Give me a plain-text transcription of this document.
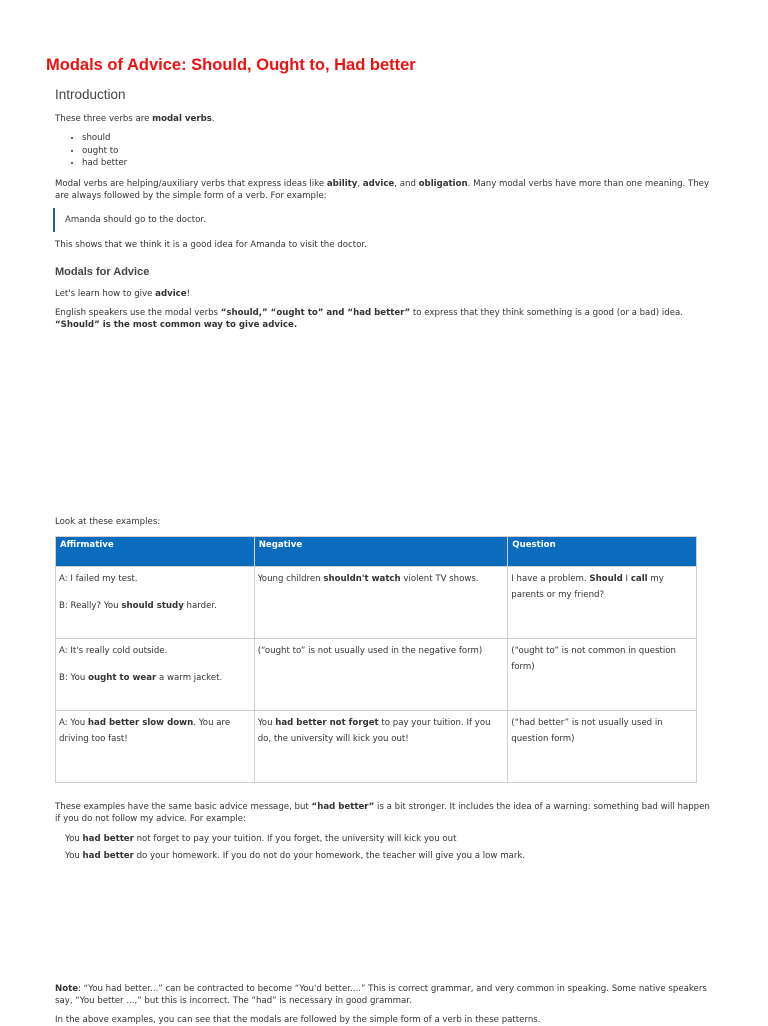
Modals of Advice: Should, Ought to, Had better
Introduction

These three verbs are modal verbs.

• should
• ought to
• had better

Modal verbs are helping/auxiliary verbs that express ideas like ability, advice, and obligation. Many modal verbs have more than one meaning. They are always followed by the simple form of a verb. For example:

Amanda should go to the doctor.

This shows that we think it is a good idea for Amanda to visit the doctor.

Modals for Advice

Let's learn how to give advice!

English speakers use the modal verbs “should,” “ought to” and “had better” to express that they think something is a good (or a bad) idea. “Should” is the most common way to give advice.

Look at these examples:

Affirmative	Negative	Question

A: I failed my test.

B: Really? You should study harder.	Young children shouldn't watch violent TV shows.	I have a problem. Should I call my parents or my friend?

A: It's really cold outside.

B: You ought to wear a warm jacket.	(“ought to” is not usually used in the negative form)	(“ought to” is not common in question form)

A: You had better slow down. You are driving too fast!	You had better not forget to pay your tuition. If you do, the university will kick you out!	(“had better” is not usually used in question form)

These examples have the same basic advice message, but “had better” is a bit stronger. It includes the idea of a warning: something bad will happen if you do not follow my advice. For example:

You had better not forget to pay your tuition. If you forget, the university will kick you out

You had better do your homework. If you do not do your homework, the teacher will give you a low mark.

Note: “You had better...” can be contracted to become “You'd better....” This is correct grammar, and very common in speaking. Some native speakers say, “You better ...,” but this is incorrect. The “had” is necessary in good grammar.

In the above examples, you can see that the modals are followed by the simple form of a verb in these patterns.
